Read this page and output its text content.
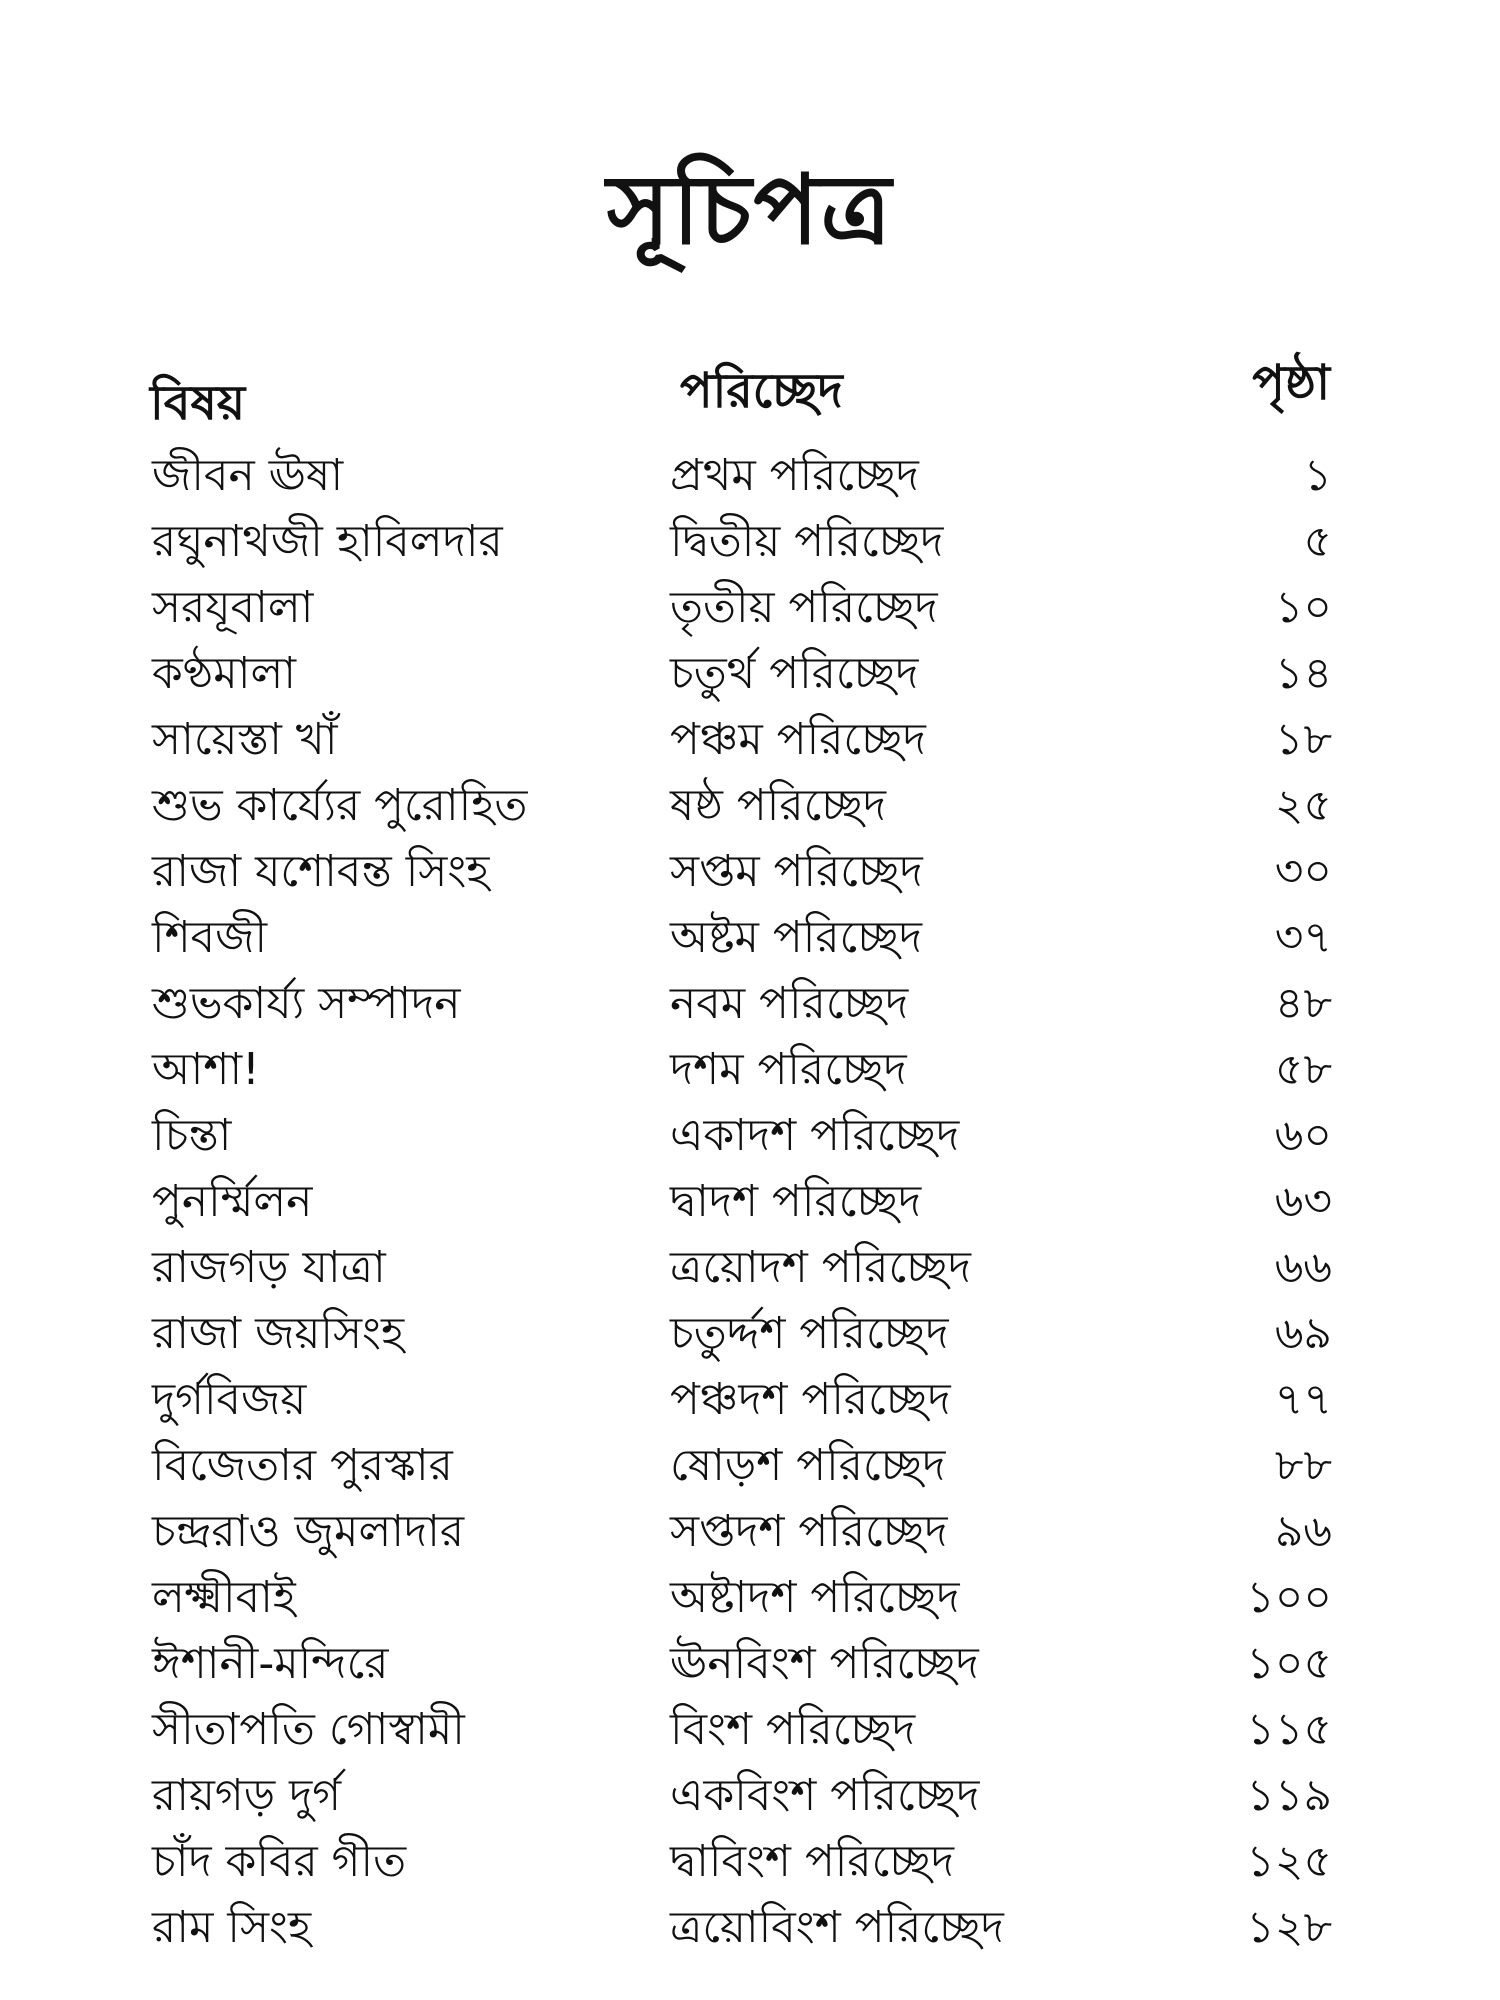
সূচিপত্র
বিষয়	পরিচ্ছেদ	পৃষ্ঠা
জীবন ঊষা	প্রথম পরিচ্ছেদ	১
রঘুনাথজী হাবিলদার	দ্বিতীয় পরিচ্ছেদ	৫
সরযূবালা	তৃতীয় পরিচ্ছেদ	১০
কণ্ঠমালা	চতুর্থ পরিচ্ছেদ	১৪
সায়েস্তা খাঁ	পঞ্চম পরিচ্ছেদ	১৮
শুভ কার্য্যের পুরোহিত	ষষ্ঠ পরিচ্ছেদ	২৫
রাজা যশোবন্ত সিংহ	সপ্তম পরিচ্ছেদ	৩০
শিবজী	অষ্টম পরিচ্ছেদ	৩৭
শুভকার্য্য সম্পাদন	নবম পরিচ্ছেদ	৪৮
আশা!	দশম পরিচ্ছেদ	৫৮
চিন্তা	একাদশ পরিচ্ছেদ	৬০
পুনর্ম্মিলন	দ্বাদশ পরিচ্ছেদ	৬৩
রাজগড় যাত্রা	ত্রয়োদশ পরিচ্ছেদ	৬৬
রাজা জয়সিংহ	চতুর্দ্দশ পরিচ্ছেদ	৬৯
দুর্গবিজয়	পঞ্চদশ পরিচ্ছেদ	৭৭
বিজেতার পুরস্কার	ষোড়শ পরিচ্ছেদ	৮৮
চন্দ্ররাও জুমলাদার	সপ্তদশ পরিচ্ছেদ	৯৬
লক্ষ্মীবাই	অষ্টাদশ পরিচ্ছেদ	১০০
ঈশানী-মন্দিরে	ঊনবিংশ পরিচ্ছেদ	১০৫
সীতাপতি গোস্বামী	বিংশ পরিচ্ছেদ	১১৫
রায়গড় দুর্গ	একবিংশ পরিচ্ছেদ	১১৯
চাঁদ কবির গীত	দ্বাবিংশ পরিচ্ছেদ	১২৫
রাম সিংহ	ত্রয়োবিংশ পরিচ্ছেদ	১২৮
